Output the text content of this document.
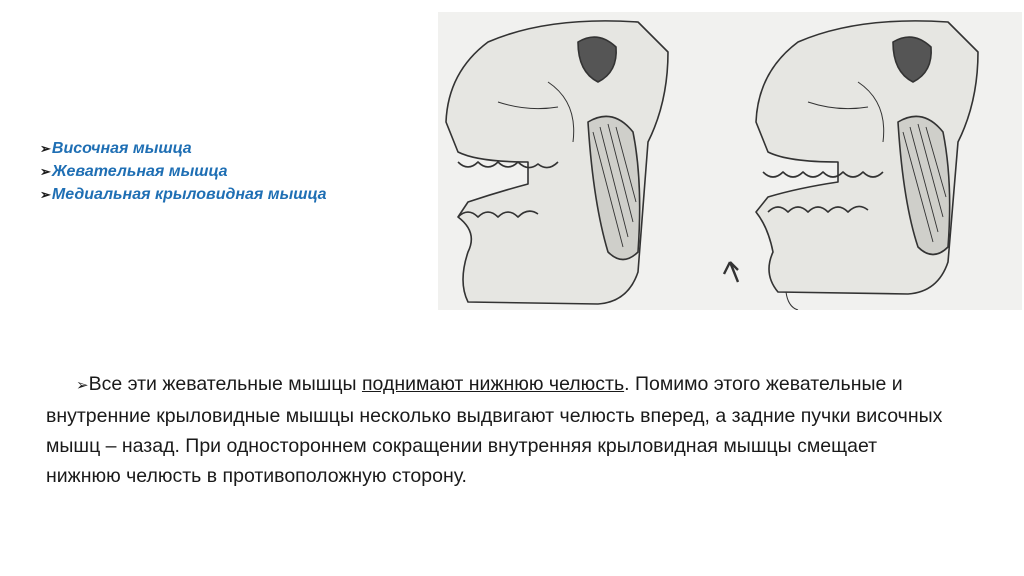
➢Височная мышца
➢Жевательная мышца
➢Медиальная крыловидная мышца
➢Все эти жевательные мышцы поднимают нижнюю челюсть. Помимо этого жевательные и внутренние крыловидные мышцы несколько выдвигают челюсть вперед, а задние пучки височных мышц – назад. При одностороннем сокращении внутренняя крыловидная мышцы смещает нижнюю челюсть в противоположную сторону.
